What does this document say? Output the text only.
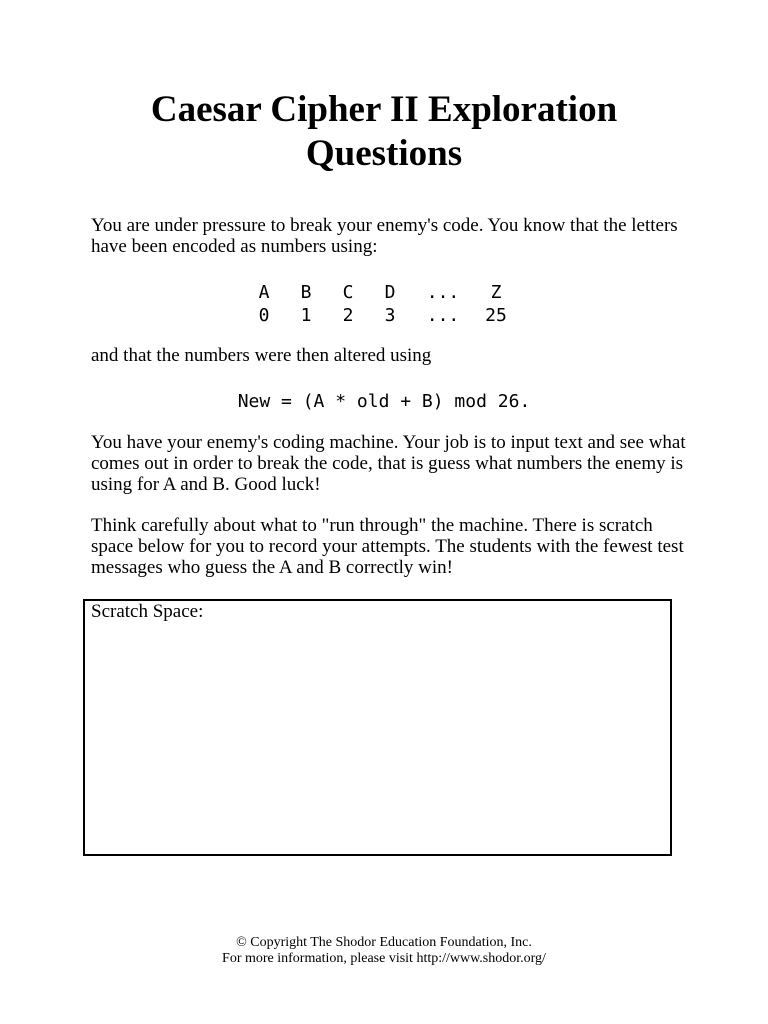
Caesar Cipher II Exploration
Questions

You are under pressure to break your enemy's code. You know that the letters have been encoded as numbers using:

A	B	C	D	...	Z
0	1	2	3	...	25

and that the numbers were then altered using

New = (A * old + B) mod 26.

You have your enemy's coding machine. Your job is to input text and see what comes out in order to break the code, that is guess what numbers the enemy is using for A and B. Good luck!

Think carefully about what to "run through" the machine. There is scratch space below for you to record your attempts. The students with the fewest test messages who guess the A and B correctly win!

Scratch Space:
© Copyright The Shodor Education Foundation, Inc.
For more information, please visit http://www.shodor.org/
